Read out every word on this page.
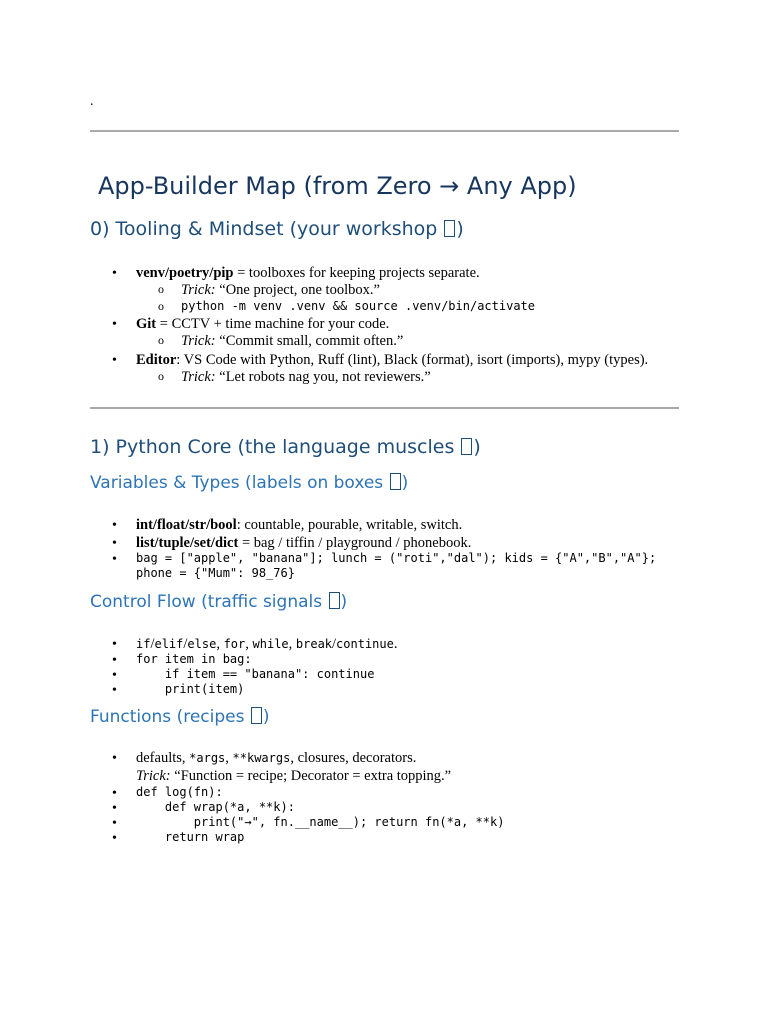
.
App-Builder Map (from Zero → Any App)
0) Tooling & Mindset (your workshop )
•
venv/poetry/pip = toolboxes for keeping projects separate.
o Trick: “One project, one toolbox.”
o python -m venv .venv && source .venv/bin/activate
•
Git = CCTV + time machine for your code.
o Trick: “Commit small, commit often.”
•
Editor: VS Code with Python, Ruff (lint), Black (format), isort (imports), mypy (types).
o Trick: “Let robots nag you, not reviewers.”
1) Python Core (the language muscles )
Variables & Types (labels on boxes )
•
int/float/str/bool: countable, pourable, writable, switch.
•
list/tuple/set/dict = bag / tiffin / playground / phonebook.
•
bag = ["apple", "banana"]; lunch = ("roti","dal"); kids = {"A","B","A"};
phone = {"Mum": 98_76}
Control Flow (traffic signals )
•
if/elif/else, for, while, break/continue.
•
for item in bag:
•
if item == "banana": continue
•
print(item)
Functions (recipes )
•
defaults, *args, **kwargs, closures, decorators.
Trick: “Function = recipe; Decorator = extra topping.”
•
def log(fn):
•
def wrap(*a, **k):
•
print("→", fn.__name__); return fn(*a, **k)
•
return wrap
